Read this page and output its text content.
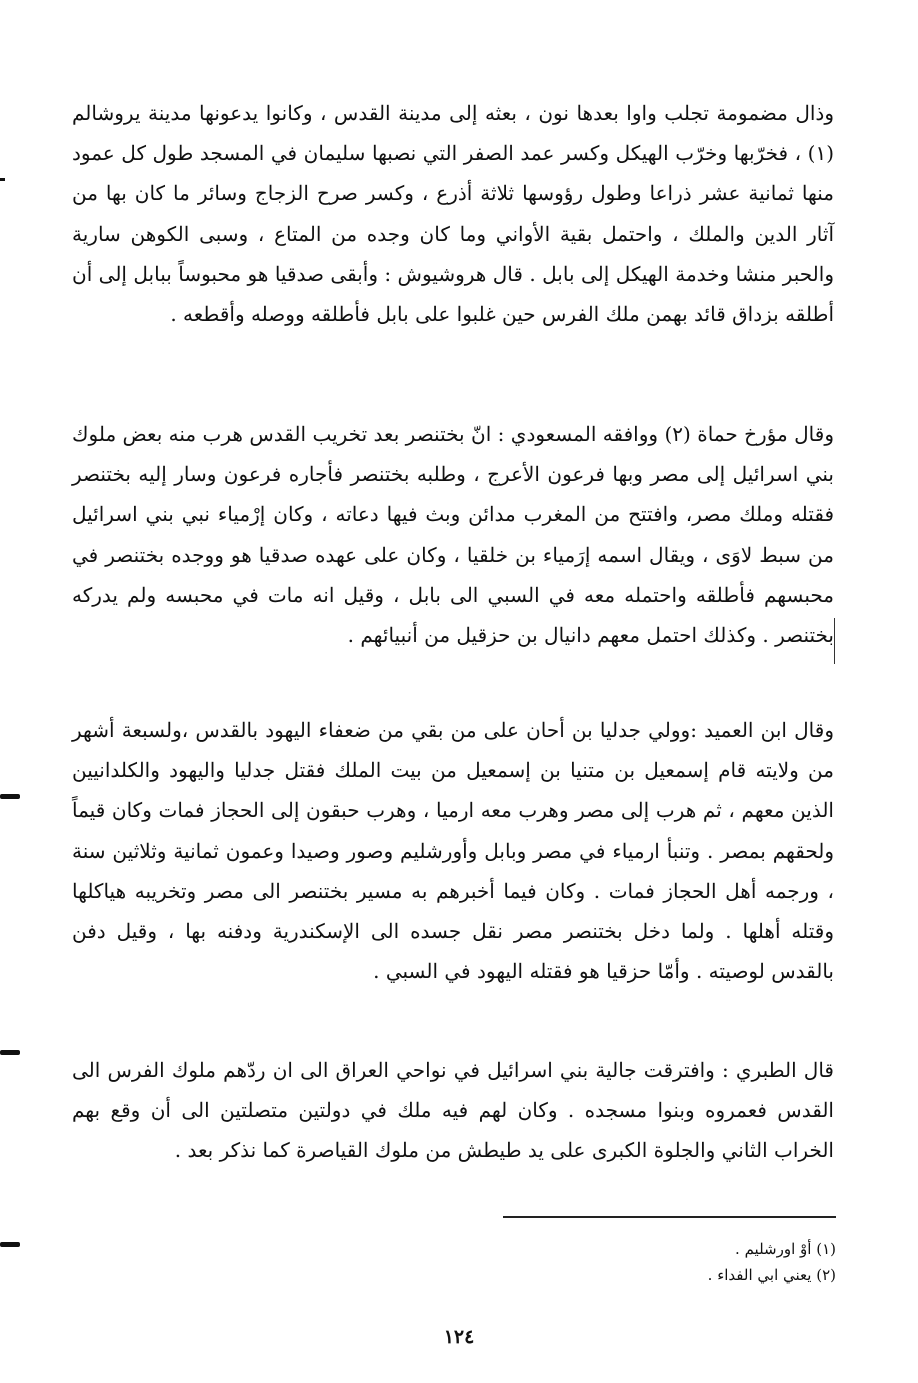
وذال مضمومة تجلب واوا بعدها نون ، بعثه إلى مدينة القدس ، وكانوا يدعونها مدينة يروشالم (١) ، فخرّبها وخرّب الهيكل وكسر عمد الصفر التي نصبها سليمان في المسجد طول كل عمود منها ثمانية عشر ذراعا وطول رؤوسها ثلاثة أذرع ، وكسر صرح الزجاج وسائر ما كان بها من آثار الدين والملك ، واحتمل بقية الأواني وما كان وجده من المتاع ، وسبى الكوهن سارية والحبر منشا وخدمة الهيكل إلى بابل . قال هروشيوش : وأبقى صدقيا هو محبوساً ببابل إلى أن أطلقه بزداق قائد بهمن ملك الفرس حين غلبوا على بابل فأطلقه ووصله وأقطعه .

وقال مؤرخ حماة (٢) ووافقه المسعودي : انّ بختنصر بعد تخريب القدس هرب منه بعض ملوك بني اسرائيل إلى مصر وبها فرعون الأعرج ، وطلبه بختنصر فأجاره فرعون وسار إليه بختنصر فقتله وملك مصر، وافتتح من المغرب مدائن وبث فيها دعاته ، وكان إرْمياء نبي بني اسرائيل من سبط لاوَى ، ويقال اسمه إرَمياء بن خلقيا ، وكان على عهده صدقيا هو ووجده بختنصر في محبسهم فأطلقه واحتمله معه في السبي الى بابل ، وقيل انه مات في محبسه ولم يدركه بختنصر . وكذلك احتمل معهم دانيال بن حزقيل من أنبيائهم .

وقال ابن العميد :وولي جدليا بن أحان على من بقي من ضعفاء اليهود بالقدس ،ولسبعة أشهر من ولايته قام إسمعيل بن متنيا بن إسمعيل من بيت الملك فقتل جدليا واليهود والكلدانيين الذين معهم ، ثم هرب إلى مصر وهرب معه ارميا ، وهرب حبقون إلى الحجاز فمات وكان قيماً ولحقهم بمصر . وتنبأ ارمياء في مصر وبابل وأورشليم وصور وصيدا وعمون ثمانية وثلاثين سنة ، ورجمه أهل الحجاز فمات . وكان فيما أخبرهم به مسير بختنصر الى مصر وتخريبه هياكلها وقتله أهلها . ولما دخل بختنصر مصر نقل جسده الى الإسكندرية ودفنه بها ، وقيل دفن بالقدس لوصيته . وأمّا حزقيا هو فقتله اليهود في السبي .

قال الطبري : وافترقت جالية بني اسرائيل في نواحي العراق الى ان ردّهم ملوك الفرس الى القدس فعمروه وبنوا مسجده . وكان لهم فيه ملك في دولتين متصلتين الى أن وقع بهم الخراب الثاني والجلوة الكبرى على يد طيطش من ملوك القياصرة كما نذكر بعد .

(١) أوْ اورشليم .
(٢) يعني ابي الفداء .
١٢٤
